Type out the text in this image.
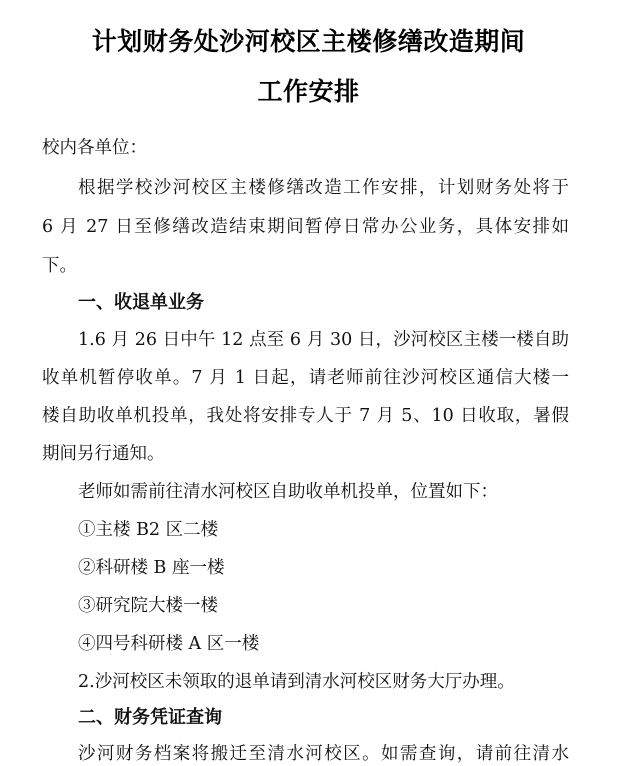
计划财务处沙河校区主楼修缮改造期间
工作安排

校内各单位：

根据学校沙河校区主楼修缮改造工作安排，计划财务处将于

6 月 27 日至修缮改造结束期间暂停日常办公业务，具体安排如

下。

一、收退单业务

1.6 月 26 日中午 12 点至 6 月 30 日，沙河校区主楼一楼自助

收单机暂停收单。7 月 1 日起，请老师前往沙河校区通信大楼一

楼自助收单机投单，我处将安排专人于 7 月 5、10 日收取，暑假

期间另行通知。

老师如需前往清水河校区自助收单机投单，位置如下：

①主楼 B2 区二楼

②科研楼 B 座一楼

③研究院大楼一楼

④四号科研楼 A 区一楼

2.沙河校区未领取的退单请到清水河校区财务大厅办理。

二、财务凭证查询

沙河财务档案将搬迁至清水河校区。如需查询，请前往清水
